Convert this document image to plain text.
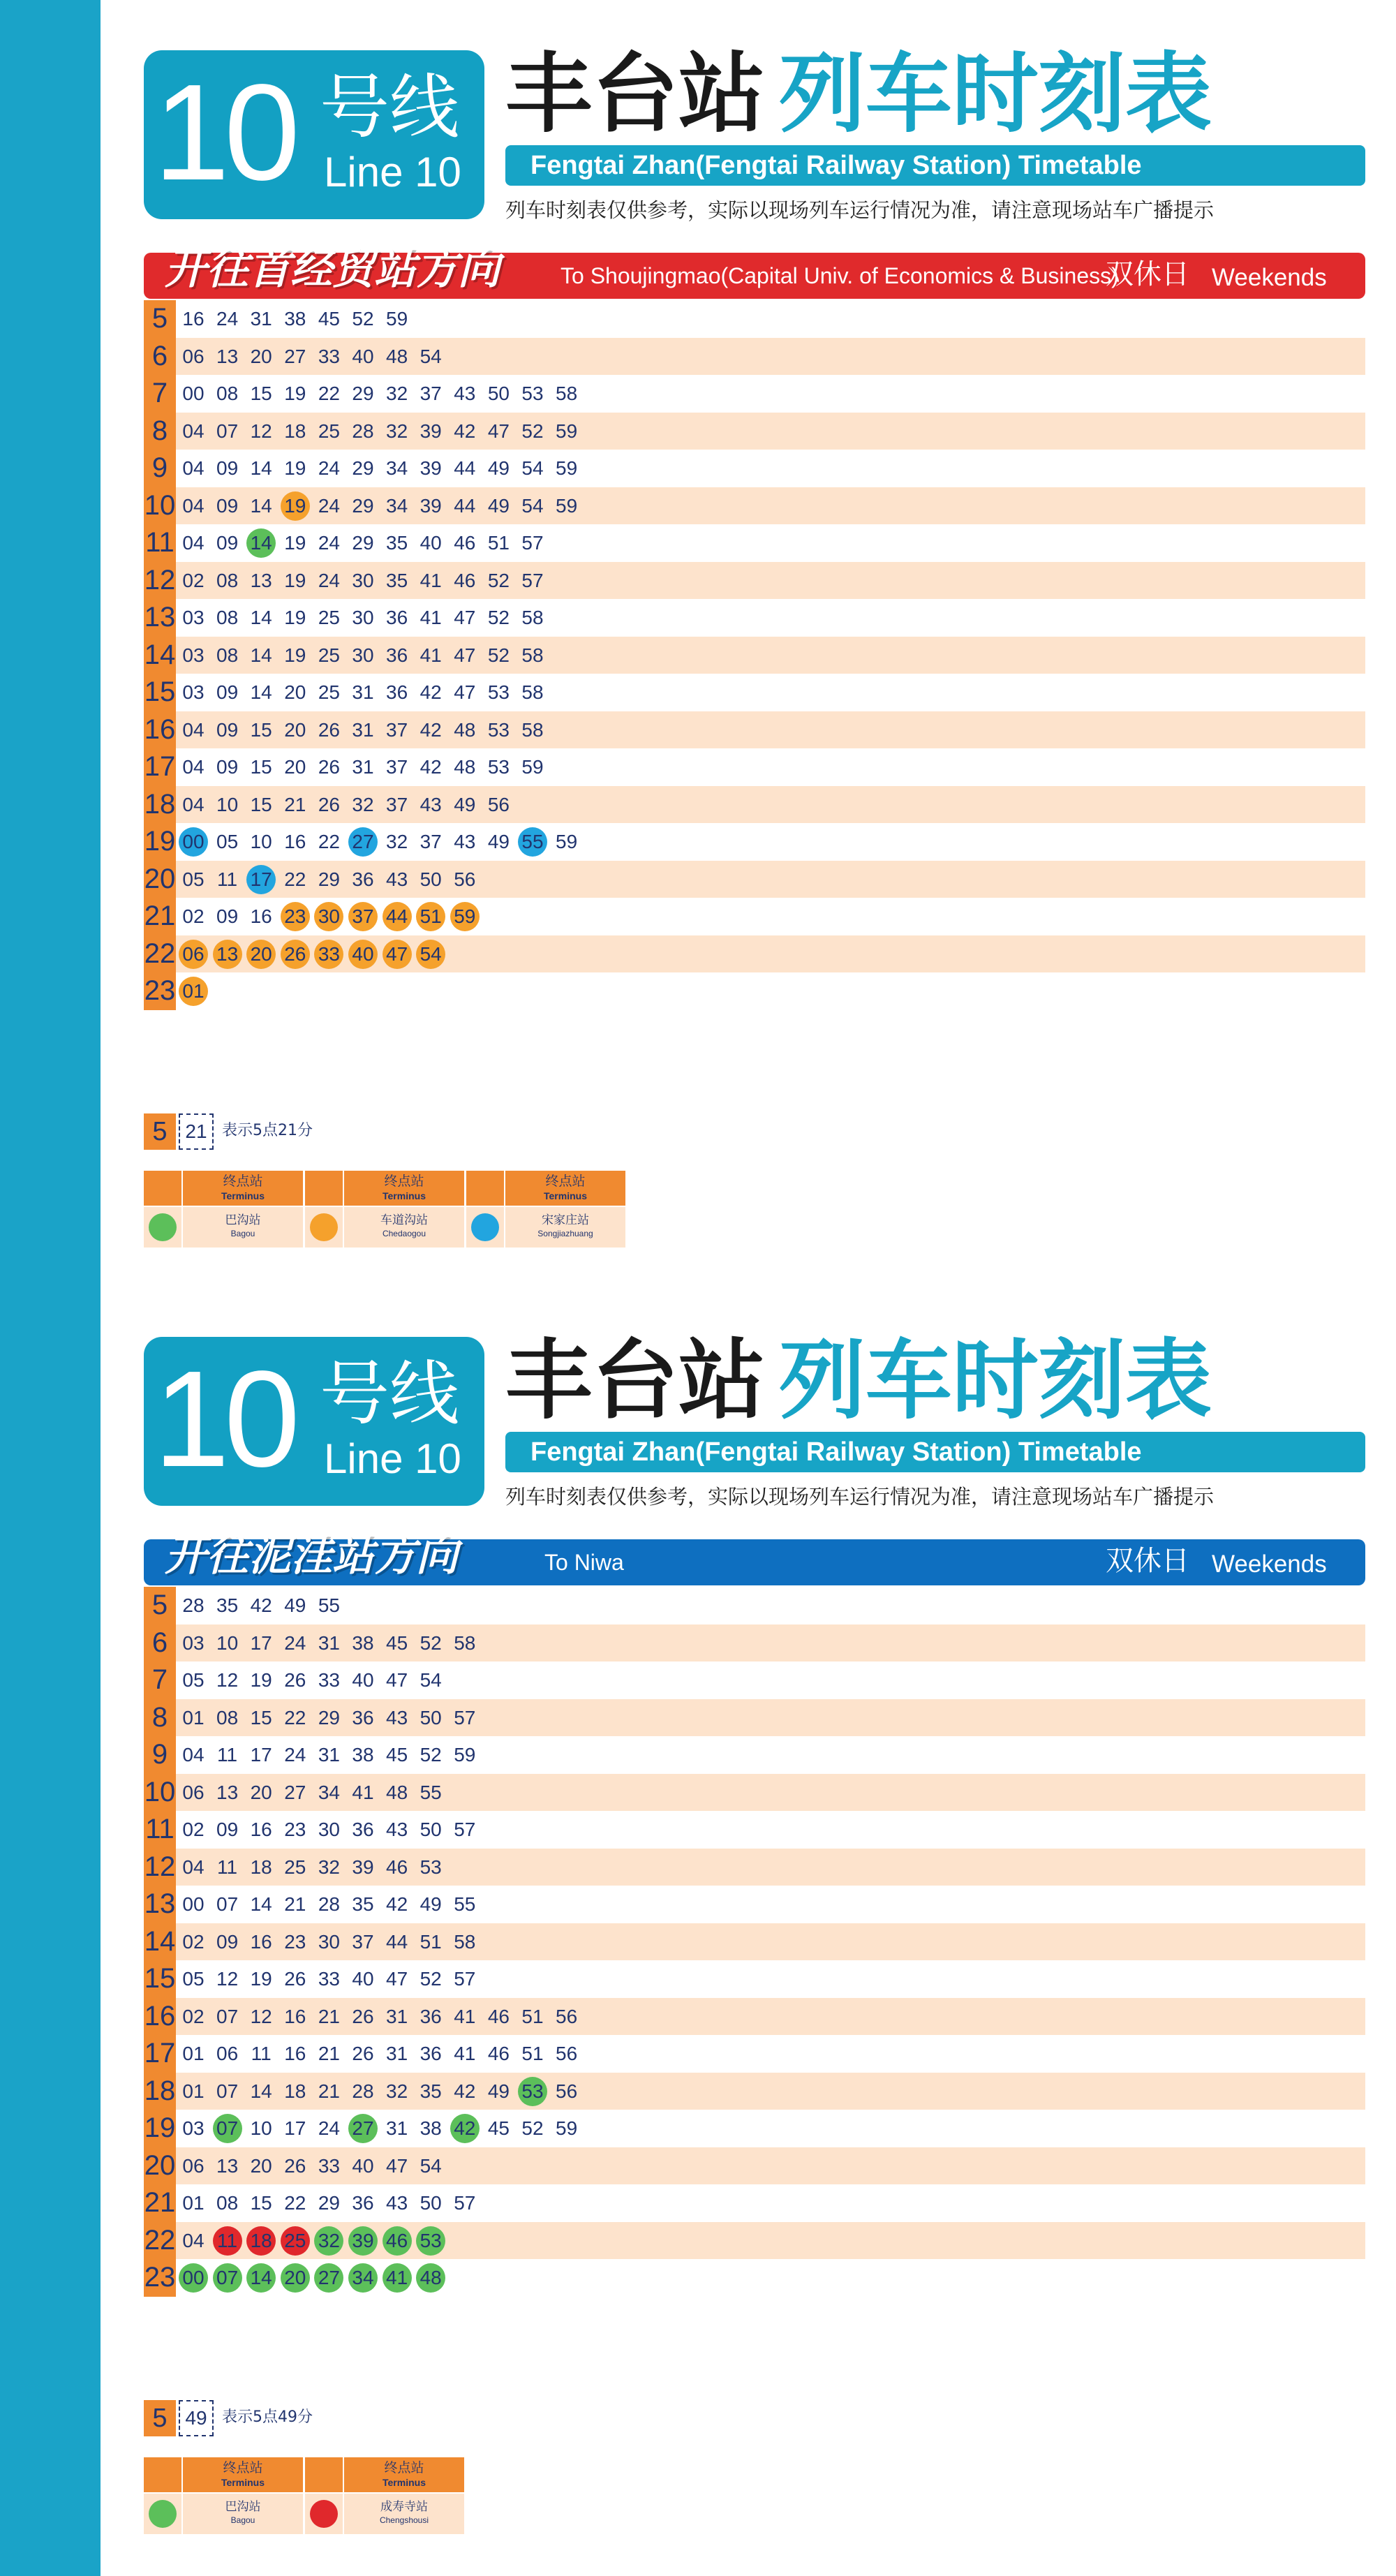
10 号线
Line 10
丰台站 列车时刻表
Fengtai Zhan(Fengtai Railway Station) Timetable
列车时刻表仅供参考，实际以现场列车运行情况为准，请注意现场站车广播提示
开往首经贸站方向	To Shoujingmao(Capital Univ. of Economics & Business)
双休日 Weekends
5 16 24 31 38 45 52 59
6 06 13 20 27 33 40 48 54
7 00 08 15 19 22 29 32 37 43 50 53 58
8 04 07 12 18 25 28 32 39 42 47 52 59
9 04 09 14 19 24 29 34 39 44 49 54 59
10 04 09 14 19 24 29 34 39 44 49 54 59
11 04 09 14 19 24 29 35 40 46 51 57
12 02 08 13 19 24 30 35 41 46 52 57
13 03 08 14 19 25 30 36 41 47 52 58
14 03 08 14 19 25 30 36 41 47 52 58
15 03 09 14 20 25 31 36 42 47 53 58
16 04 09 15 20 26 31 37 42 48 53 58
17 04 09 15 20 26 31 37 42 48 53 59
18 04 10 15 21 26 32 37 43 49 56
19 00 05 10 16 22 27 32 37 43 49 55 59
20 05 11 17 22 29 36 43 50 56
21 02 09 16 23 30 37 44 51 59
22 06 13 20 26 33 40 47 54
23 01
5 21 表示5点21分
终点站
Terminus
巴沟站
Bagou
终点站
Terminus
车道沟站
Chedaogou
终点站
Terminus
宋家庄站
Songjiazhuang
10 号线
Line 10
丰台站 列车时刻表
Fengtai Zhan(Fengtai Railway Station) Timetable
列车时刻表仅供参考，实际以现场列车运行情况为准，请注意现场站车广播提示
开往泥洼站方向	To Niwa	双休日 Weekends
5 28 35 42 49 55
6 03 10 17 24 31 38 45 52 58
7 05 12 19 26 33 40 47 54
8 01 08 15 22 29 36 43 50 57
9 04 11 17 24 31 38 45 52 59
10 06 13 20 27 34 41 48 55
11 02 09 16 23 30 36 43 50 57
12 04 11 18 25 32 39 46 53
13 00 07 14 21 28 35 42 49 55
14 02 09 16 23 30 37 44 51 58
15 05 12 19 26 33 40 47 52 57
16 02 07 12 16 21 26 31 36 41 46 51 56
17 01 06 11 16 21 26 31 36 41 46 51 56
18 01 07 14 18 21 28 32 35 42 49 53 56
19 03 07 10 17 24 27 31 38 42 45 52 59
20 06 13 20 26 33 40 47 54
21 01 08 15 22 29 36 43 50 57
22 04 11 18 25 32 39 46 53
23 00 07 14 20 27 34 41 48
5 49 表示5点49分
终点站
Terminus
巴沟站
Bagou
终点站
Terminus
成寿寺站
Chengshousi
